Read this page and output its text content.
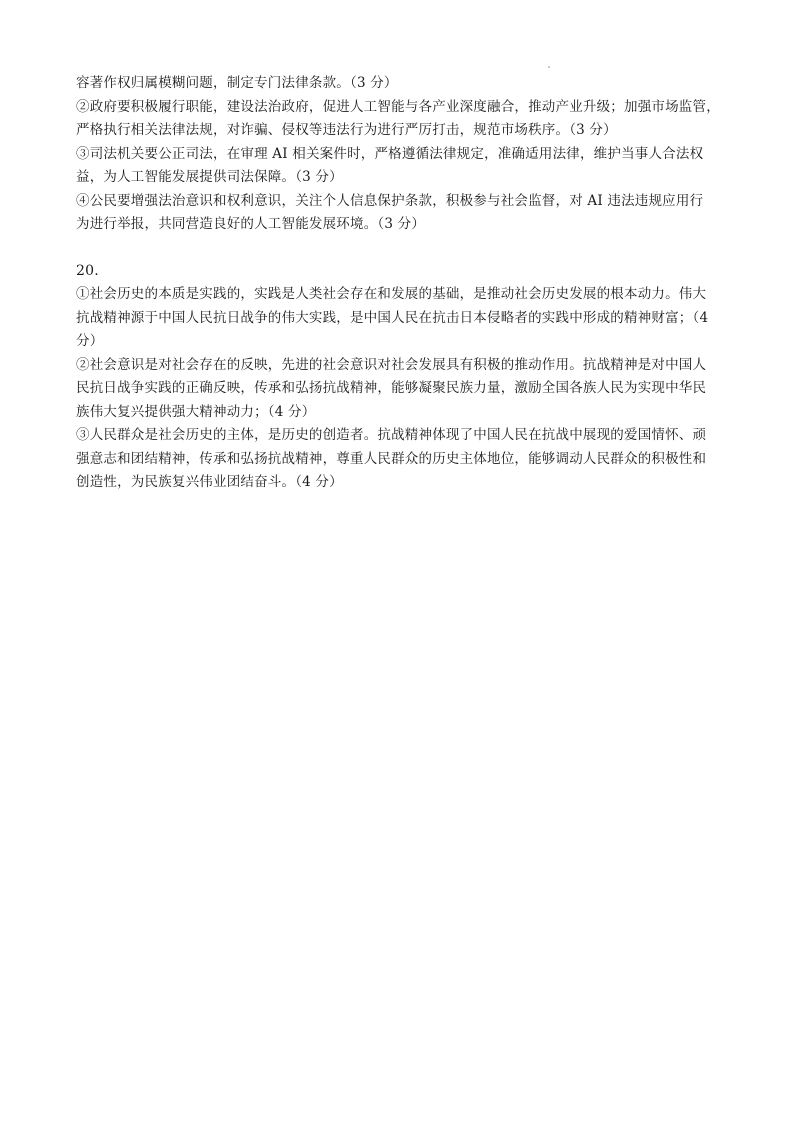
容著作权归属模糊问题，制定专门法律条款。（3 分）
②政府要积极履行职能，建设法治政府，促进人工智能与各产业深度融合，推动产业升级；加强市场监管，
严格执行相关法律法规，对诈骗、侵权等违法行为进行严厉打击，规范市场秩序。（3 分）
③司法机关要公正司法，在审理 AI 相关案件时，严格遵循法律规定，准确适用法律，维护当事人合法权
益，为人工智能发展提供司法保障。（3 分）
④公民要增强法治意识和权利意识，关注个人信息保护条款，积极参与社会监督，对 AI 违法违规应用行
为进行举报，共同营造良好的人工智能发展环境。（3 分）
20.
①社会历史的本质是实践的，实践是人类社会存在和发展的基础，是推动社会历史发展的根本动力。伟大
抗战精神源于中国人民抗日战争的伟大实践，是中国人民在抗击日本侵略者的实践中形成的精神财富；（4
分）
②社会意识是对社会存在的反映，先进的社会意识对社会发展具有积极的推动作用。抗战精神是对中国人
民抗日战争实践的正确反映，传承和弘扬抗战精神，能够凝聚民族力量，激励全国各族人民为实现中华民
族伟大复兴提供强大精神动力；（4 分）
③人民群众是社会历史的主体，是历史的创造者。抗战精神体现了中国人民在抗战中展现的爱国情怀、顽
强意志和团结精神，传承和弘扬抗战精神，尊重人民群众的历史主体地位，能够调动人民群众的积极性和
创造性，为民族复兴伟业团结奋斗。（4 分）
